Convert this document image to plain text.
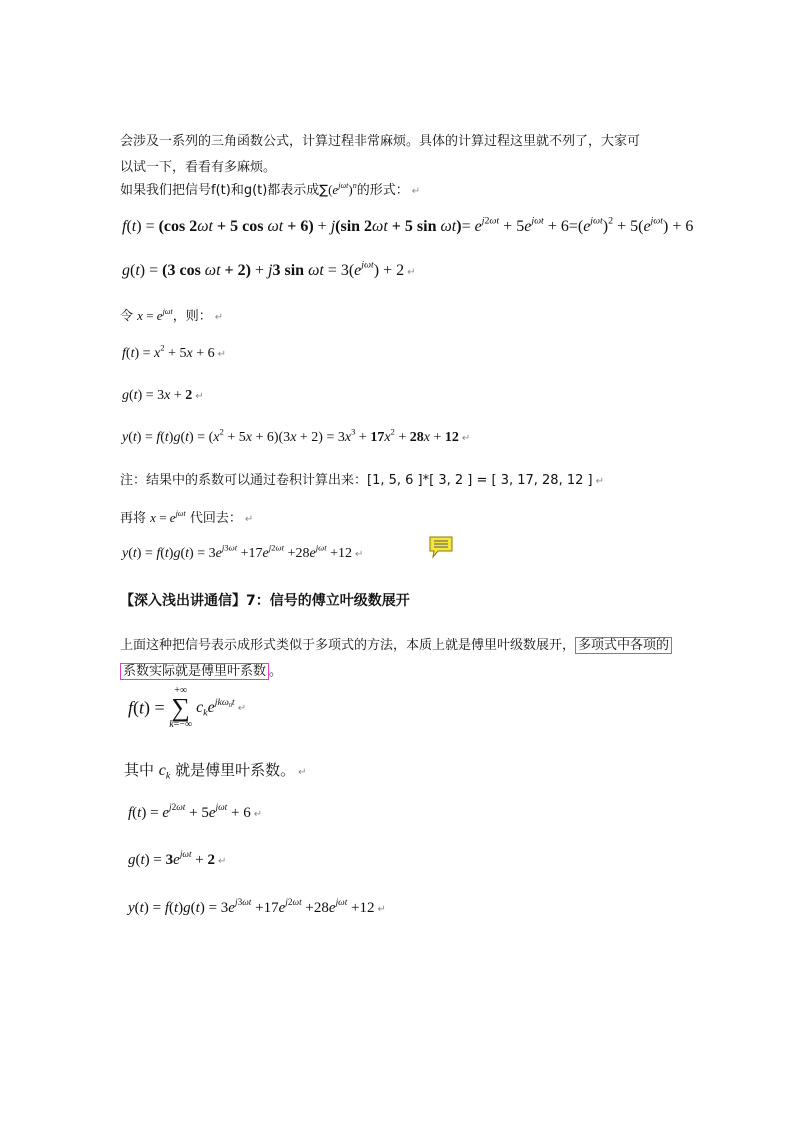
会涉及一系列的三角函数公式，计算过程非常麻烦。具体的计算过程这里就不列了，大家可
以试一下，看看有多麻烦。
如果我们把信号f(t)和g(t)都表示成$\sum(e^{j\omega t})^n$的形式： ↵
f(t) = (cos 2ωt + 5 cos ωt + 6) + j(sin 2ωt + 5 $\sin \omega t)= e^{j2\omega t} + 5e^{j\omega t} + 6=(e^{j\omega t})^2 + 5(e^{j\omega t}) + 6$
g(t) = (3 cos ωt + 2) + j3 $\sin \omega t = 3(e^{j\omega t}) + 2$ ↵
令 $x = e^{j\omega t}$，则： ↵
$f(t) = x^2 + 5x + 6$ ↵
g(t) = 3x + 2 ↵
$y(t) = f(t)g(t) = (x^2 + 5x + 6)(3x + 2) = 3x^3 + 17x^2 + 28x + 12$ ↵
注：结果中的系数可以通过卷积计算出来：[1, 5, 6 ]*[ 3, 2 ] = [ 3, 17, 28, 12 ] ↵
再将 $x = e^{j\omega t}$ 代回去： ↵
$y(t) = f(t)g(t) = 3e^{j3\omega t} +17e^{j2\omega t} +28e^{j\omega t} +12$ ↵
【深入浅出讲通信】7：信号的傅立叶级数展开
上面这种把信号表示成形式类似于多项式的方法，本质上就是傅里叶级数展开， 多项式中各项的
系数实际就是傅里叶系数 。
f(t) =
+∞
∑
k=−∞
$c_ke^{jk\omega_0t}↵$
其中 $c_k$ 就是傅里叶系数。 ↵
$f(t) = e^{j2\omega t} + 5e^{j\omega t} + 6$ ↵
$g(t) = 3e^{j\omega t} + 2$ ↵
$y(t) = f(t)g(t) = 3e^{j3\omega t} +17e^{j2\omega t} +28e^{j\omega t} +12$ ↵
